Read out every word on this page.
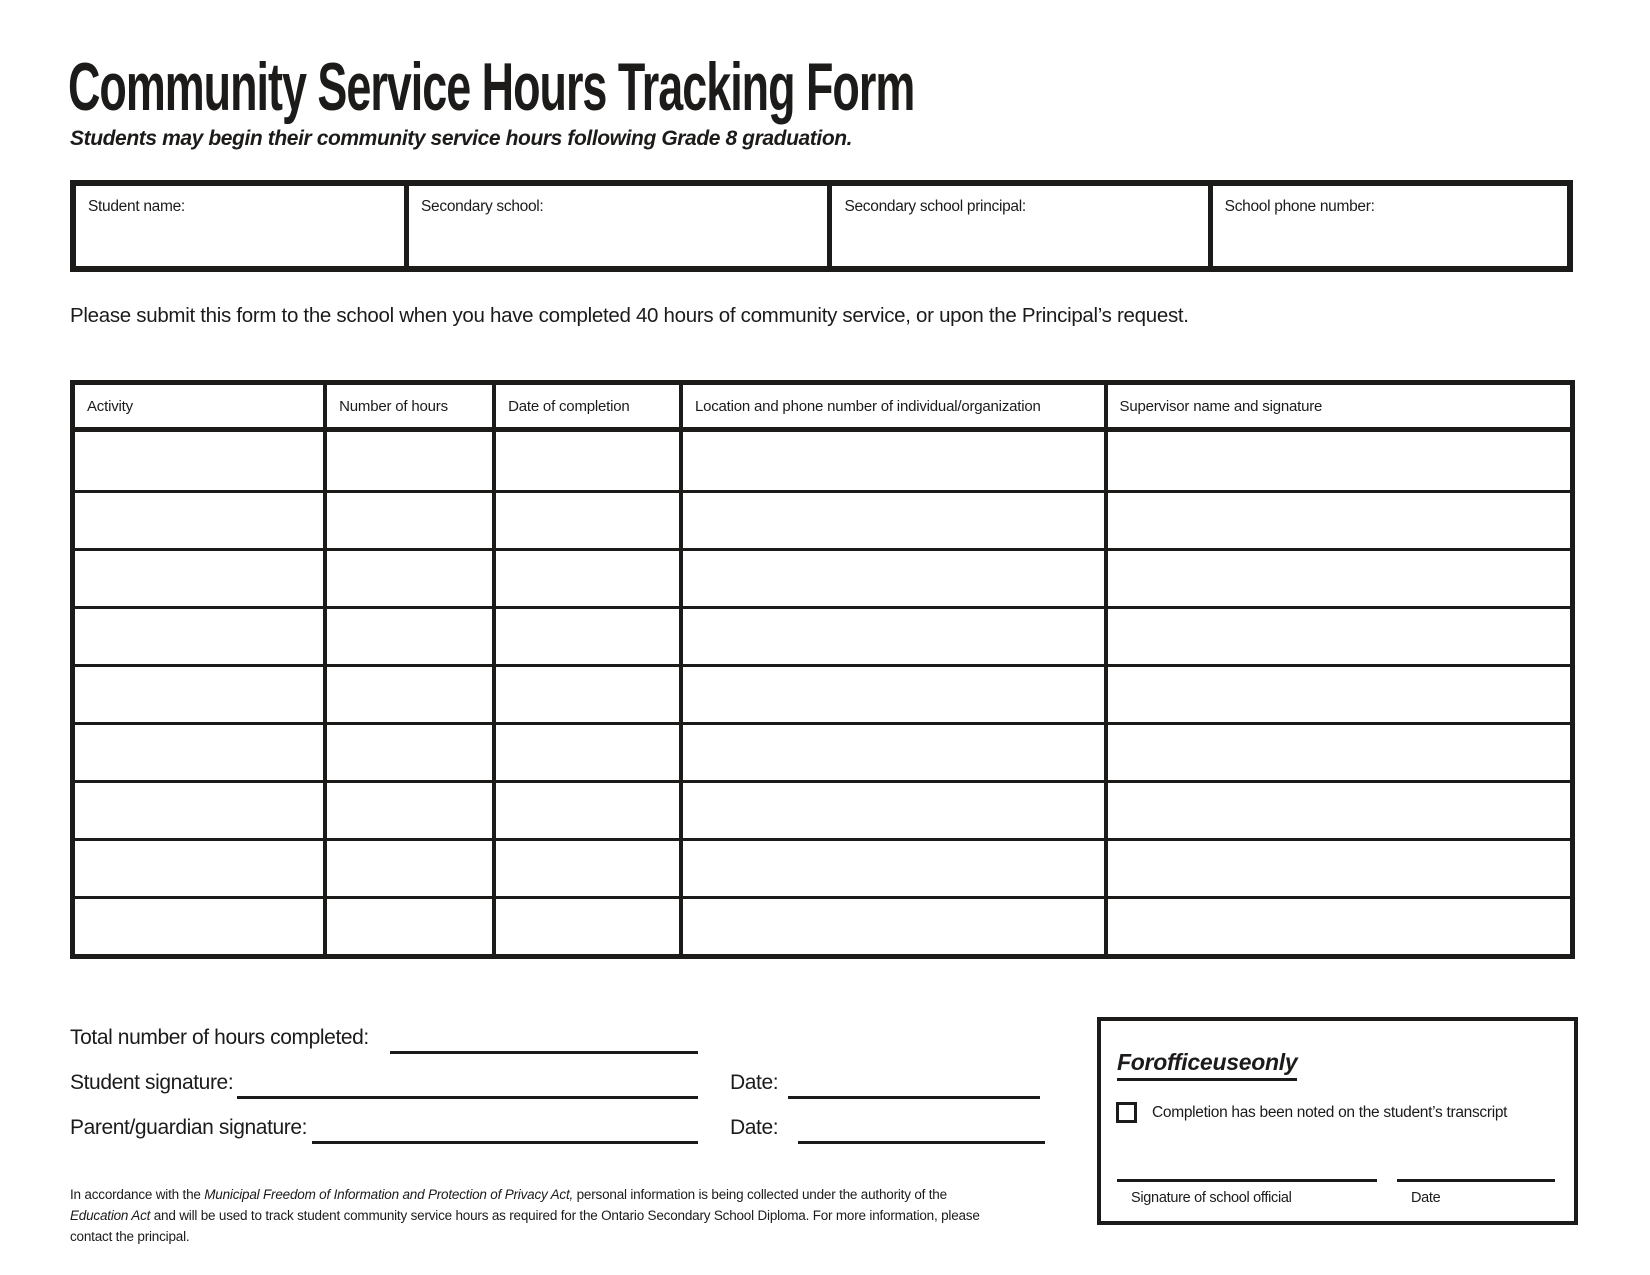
Community Service Hours Tracking Form
Students may begin their community service hours following Grade 8 graduation.
Student name:	Secondary school:	Secondary school principal:	School phone number:
Please submit this form to the school when you have completed 40 hours of community service, or upon the Principal’s request.
Activity	Number of hours	Date of completion	Location and phone number of individual/organization	Supervisor name and signature
Total number of hours completed:
Student signature:	Date:
Parent/guardian signature:	Date:
In accordance with the Municipal Freedom of Information and Protection of Privacy Act, personal information is being collected under the authority of the Education Act and will be used to track student community service hours as required for the Ontario Secondary School Diploma. For more information, please contact the principal.
For office use only
Completion has been noted on the student’s transcript
Signature of school official	Date
